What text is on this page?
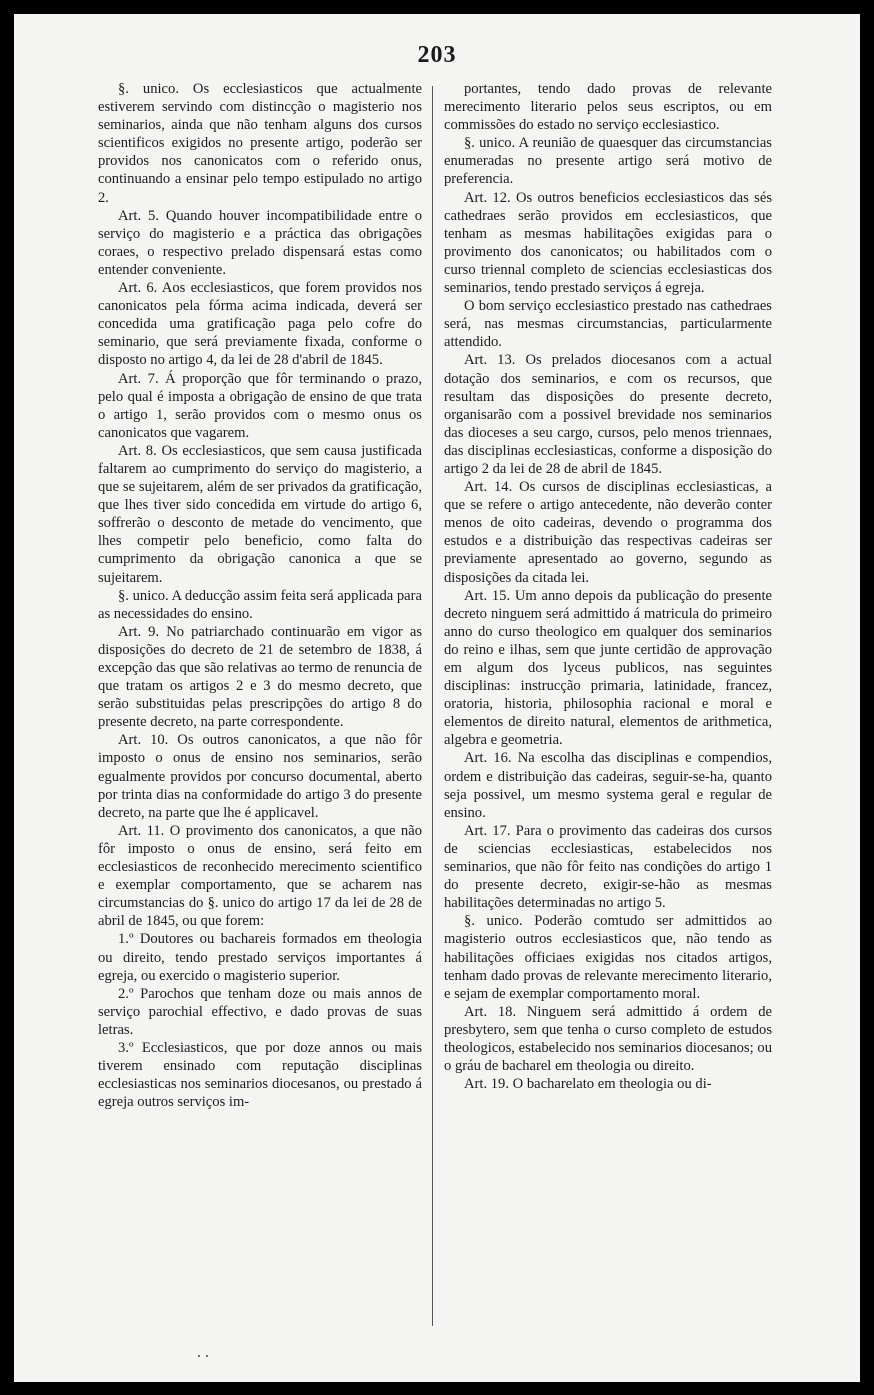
203

§. unico. Os ecclesiasticos que actualmente estiverem servindo com distincção o magisterio nos seminarios, ainda que não tenham alguns dos cursos scientificos exigidos no presente artigo, poderão ser providos nos canonicatos com o referido onus, continuando a ensinar pelo tempo estipulado no artigo 2.

Art. 5. Quando houver incompatibilidade entre o serviço do magisterio e a práctica das obrigações coraes, o respectivo prelado dispensará estas como entender conveniente.

Art. 6. Aos ecclesiasticos, que forem providos nos canonicatos pela fórma acima indicada, deverá ser concedida uma gratificação paga pelo cofre do seminario, que será previamente fixada, conforme o disposto no artigo 4, da lei de 28 d'abril de 1845.

Art. 7. Á proporção que fôr terminando o prazo, pelo qual é imposta a obrigação de ensino de que trata o artigo 1, serão providos com o mesmo onus os canonicatos que vagarem.

Art. 8. Os ecclesiasticos, que sem causa justificada faltarem ao cumprimento do serviço do magisterio, a que se sujeitarem, além de ser privados da gratificação, que lhes tiver sido concedida em virtude do artigo 6, soffrerão o desconto de metade do vencimento, que lhes competir pelo beneficio, como falta do cumprimento da obrigação canonica a que se sujeitarem.

§. unico. A deducção assim feita será applicada para as necessidades do ensino.

Art. 9. No patriarchado continuarão em vigor as disposições do decreto de 21 de setembro de 1838, á excepção das que são relativas ao termo de renuncia de que tratam os artigos 2 e 3 do mesmo decreto, que serão substituidas pelas prescripções do artigo 8 do presente decreto, na parte correspondente.

Art. 10. Os outros canonicatos, a que não fôr imposto o onus de ensino nos seminarios, serão egualmente providos por concurso documental, aberto por trinta dias na conformidade do artigo 3 do presente decreto, na parte que lhe é applicavel.

Art. 11. O provimento dos canonicatos, a que não fôr imposto o onus de ensino, será feito em ecclesiasticos de reconhecido merecimento scientifico e exemplar comportamento, que se acharem nas circumstancias do §. unico do artigo 17 da lei de 28 de abril de 1845, ou que forem:

1.º Doutores ou bachareis formados em theologia ou direito, tendo prestado serviços importantes á egreja, ou exercido o magisterio superior.

2.º Parochos que tenham doze ou mais annos de serviço parochial effectivo, e dado provas de suas letras.

3.º Ecclesiasticos, que por doze annos ou mais tiverem ensinado com reputação disciplinas ecclesiasticas nos seminarios diocesanos, ou prestado á egreja outros serviços im-

portantes, tendo dado provas de relevante merecimento literario pelos seus escriptos, ou em commissões do estado no serviço ecclesiastico.

§. unico. A reunião de quaesquer das circumstancias enumeradas no presente artigo será motivo de preferencia.

Art. 12. Os outros beneficios ecclesiasticos das sés cathedraes serão providos em ecclesiasticos, que tenham as mesmas habilitações exigidas para o provimento dos canonicatos; ou habilitados com o curso triennal completo de sciencias ecclesiasticas dos seminarios, tendo prestado serviços á egreja.

O bom serviço ecclesiastico prestado nas cathedraes será, nas mesmas circumstancias, particularmente attendido.

Art. 13. Os prelados diocesanos com a actual dotação dos seminarios, e com os recursos, que resultam das disposições do presente decreto, organisarão com a possivel brevidade nos seminarios das dioceses a seu cargo, cursos, pelo menos triennaes, das disciplinas ecclesiasticas, conforme a disposição do artigo 2 da lei de 28 de abril de 1845.

Art. 14. Os cursos de disciplinas ecclesiasticas, a que se refere o artigo antecedente, não deverão conter menos de oito cadeiras, devendo o programma dos estudos e a distribuição das respectivas cadeiras ser previamente apresentado ao governo, segundo as disposições da citada lei.

Art. 15. Um anno depois da publicação do presente decreto ninguem será admittido á matricula do primeiro anno do curso theologico em qualquer dos seminarios do reino e ilhas, sem que junte certidão de approvação em algum dos lyceus publicos, nas seguintes disciplinas: instrucção primaria, latinidade, francez, oratoria, historia, philosophia racional e moral e elementos de direito natural, elementos de arithmetica, algebra e geometria.

Art. 16. Na escolha das disciplinas e compendios, ordem e distribuição das cadeiras, seguir-se-ha, quanto seja possivel, um mesmo systema geral e regular de ensino.

Art. 17. Para o provimento das cadeiras dos cursos de sciencias ecclesiasticas, estabelecidos nos seminarios, que não fôr feito nas condições do artigo 1 do presente decreto, exigir-se-hão as mesmas habilitações determinadas no artigo 5.

§. unico. Poderão comtudo ser admittidos ao magisterio outros ecclesiasticos que, não tendo as habilitações officiaes exigidas nos citados artigos, tenham dado provas de relevante merecimento literario, e sejam de exemplar comportamento moral.

Art. 18. Ninguem será admittido á ordem de presbytero, sem que tenha o curso completo de estudos theologicos, estabelecido nos seminarios diocesanos; ou o gráu de bacharel em theologia ou direito.

Art. 19. O bacharelato em theologia ou di-

. .
